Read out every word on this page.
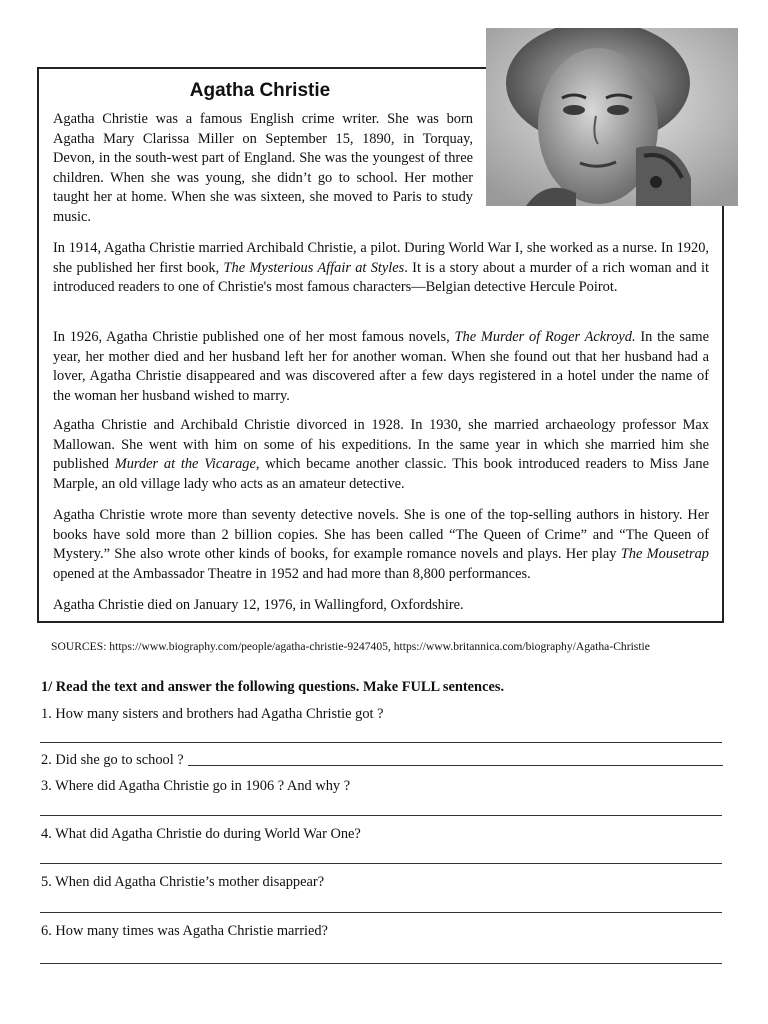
Agatha Christie
Agatha Christie was a famous English crime writer. She was born Agatha Mary Clarissa Miller on September 15, 1890, in Torquay, Devon, in the south-west part of England. She was the youngest of three children. When she was young, she didn’t go to school. Her mother taught her at home. When she was sixteen, she moved to Paris to study music.
In 1914, Agatha Christie married Archibald Christie, a pilot. During World War I, she worked as a nurse. In 1920, she published her first book, The Mysterious Affair at Styles. It is a story about a murder of a rich woman and it introduced readers to one of Christie's most famous characters—Belgian detective Hercule Poirot.
In 1926, Agatha Christie published one of her most famous novels, The Murder of Roger Ackroyd. In the same year, her mother died and her husband left her for another woman. When she found out that her husband had a lover, Agatha Christie disappeared and was discovered after a few days registered in a hotel under the name of the woman her husband wished to marry.
Agatha Christie and Archibald Christie divorced in 1928. In 1930, she married archaeology professor Max Mallowan. She went with him on some of his expeditions. In the same year in which she married him she published Murder at the Vicarage, which became another classic. This book introduced readers to Miss Jane Marple, an old village lady who acts as an amateur detective.
Agatha Christie wrote more than seventy detective novels. She is one of the top-selling authors in history. Her books have sold more than 2 billion copies. She has been called “The Queen of Crime” and “The Queen of Mystery.” She also wrote other kinds of books, for example romance novels and plays. Her play The Mousetrap opened at the Ambassador Theatre in 1952 and had more than 8,800 performances.
Agatha Christie died on January 12, 1976, in Wallingford, Oxfordshire.
SOURCES: https://www.biography.com/people/agatha-christie-9247405, https://www.britannica.com/biography/Agatha-Christie
1/ Read the text and answer the following questions. Make FULL sentences.
1. How many sisters and brothers had Agatha Christie got ?
2. Did she go to school ?
3. Where did Agatha Christie go in 1906 ? And why ?
4. What did Agatha Christie do during World War One?
5. When did Agatha Christie’s mother disappear?
6. How many times was Agatha Christie married?
